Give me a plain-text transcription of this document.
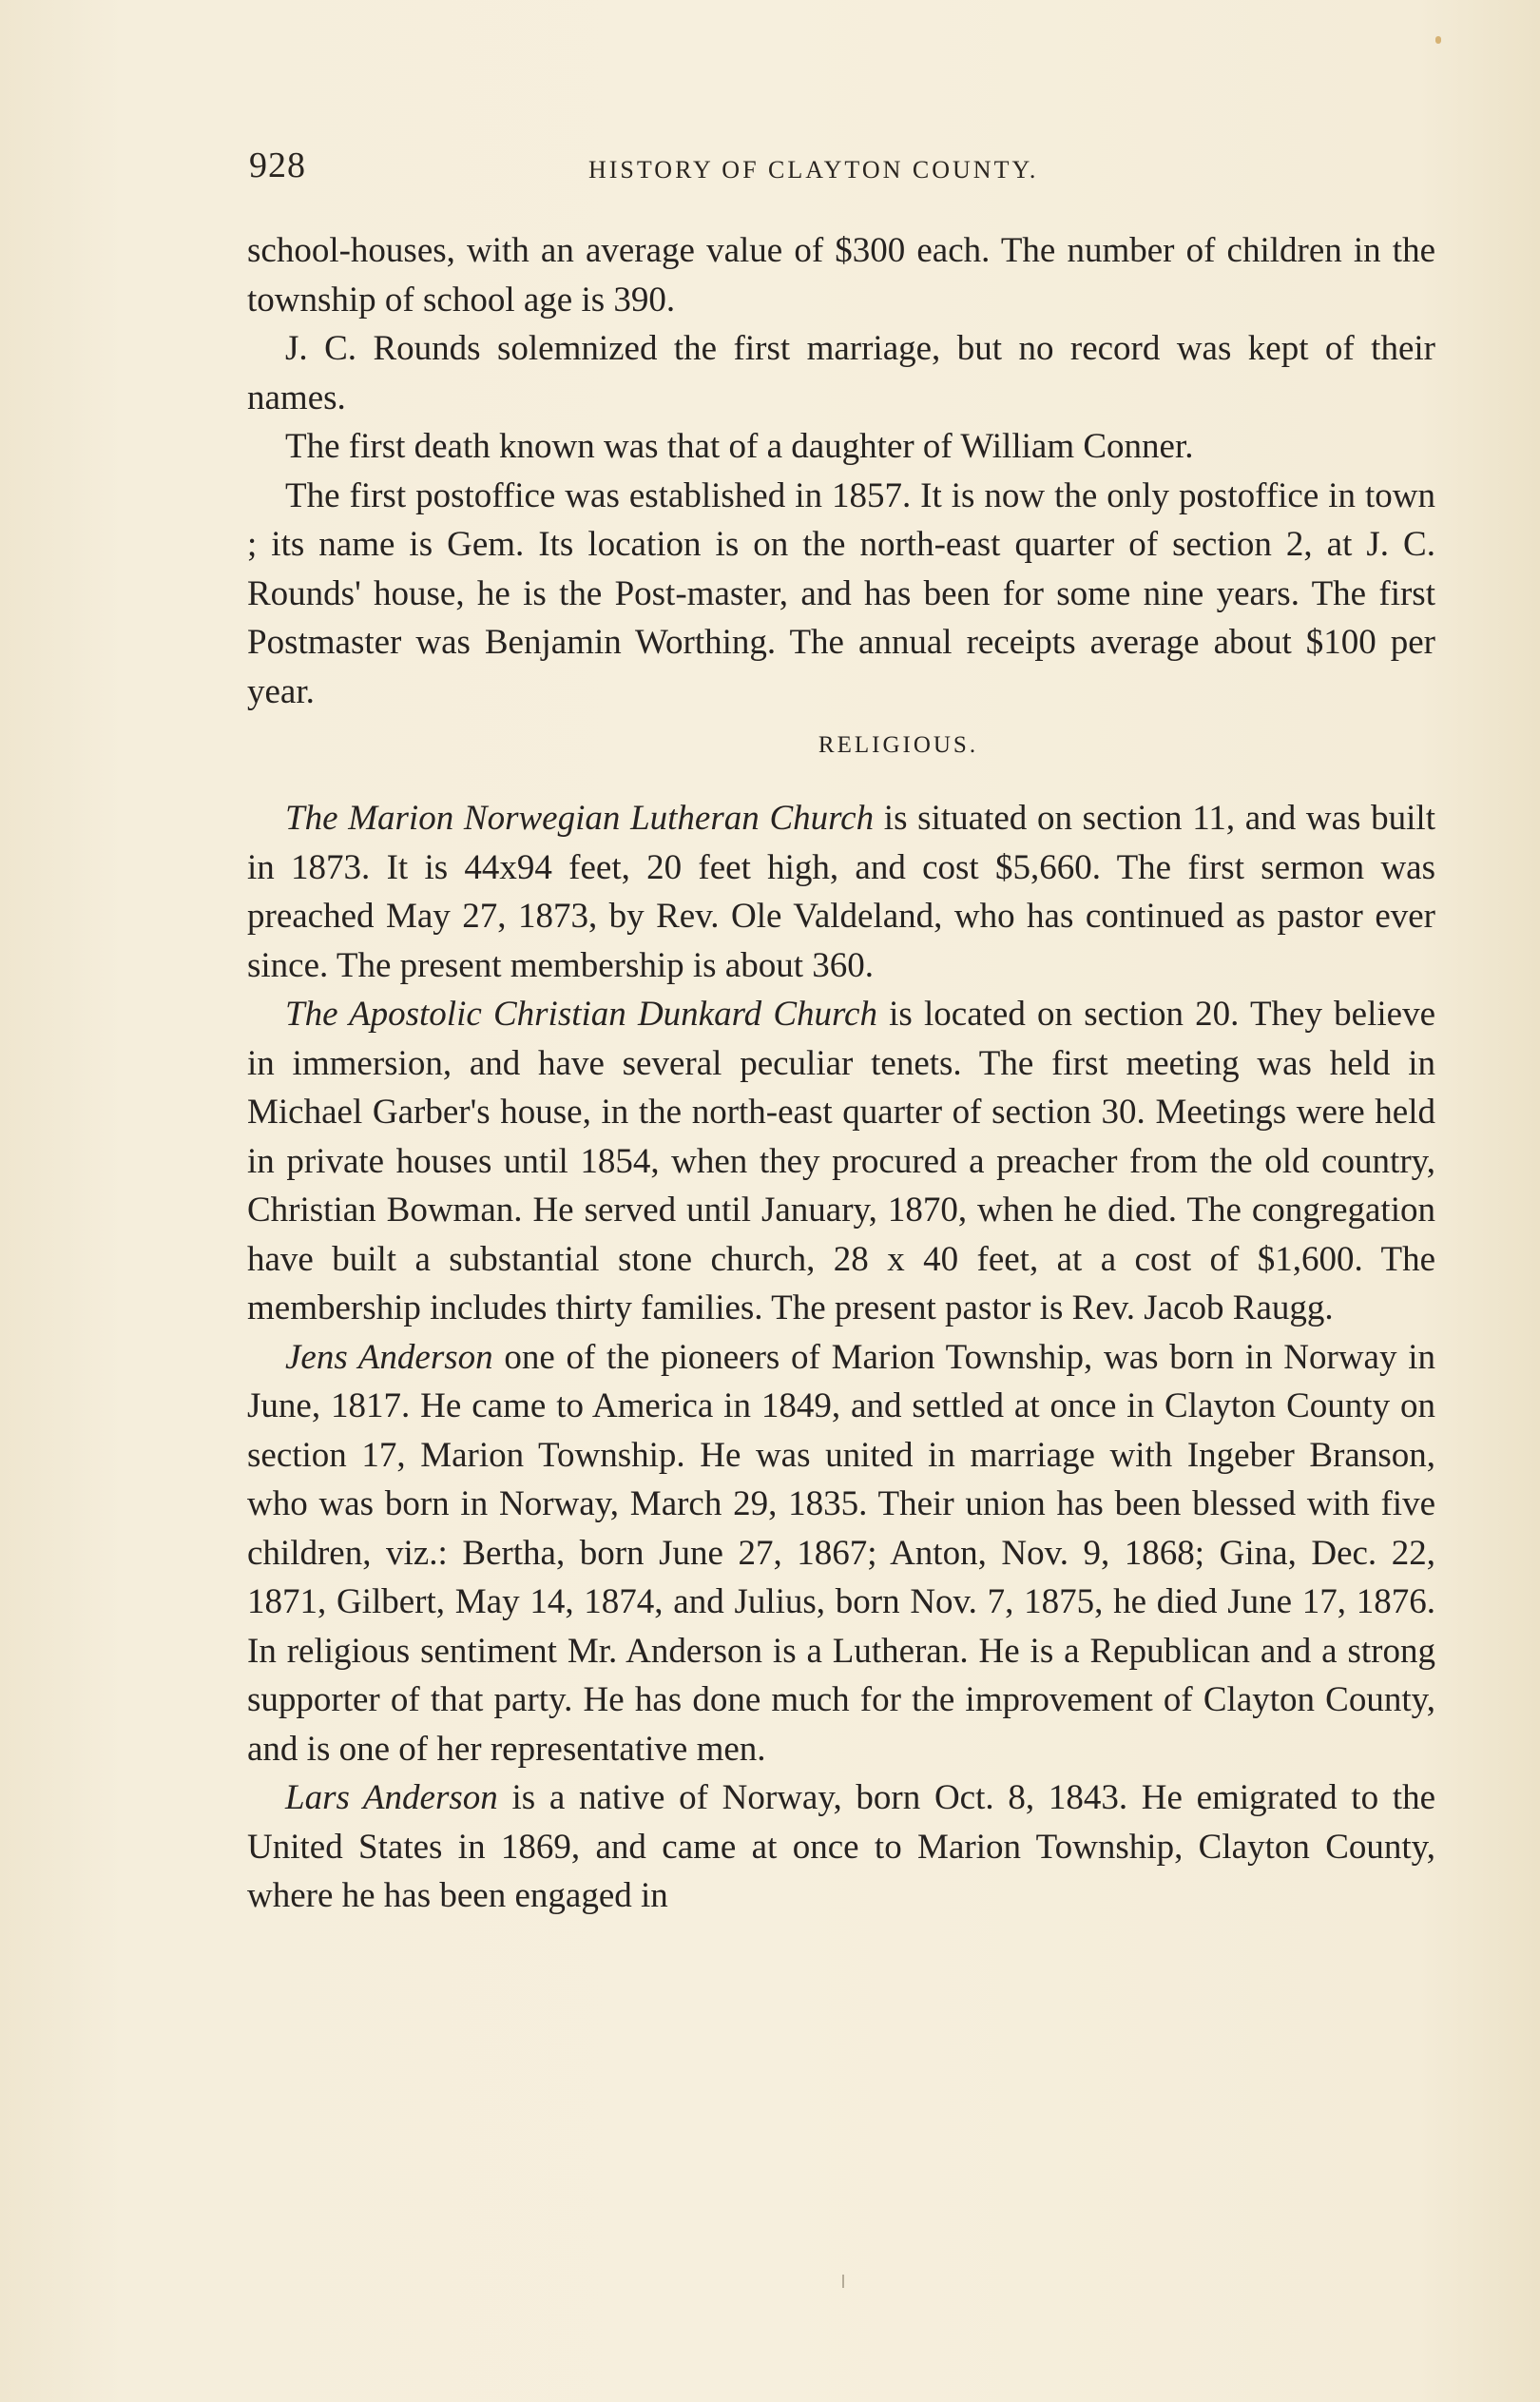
928	HISTORY OF CLAYTON COUNTY.

school-houses, with an average value of $300 each. The number of children in the township of school age is 390.

J. C. Rounds solemnized the first marriage, but no record was kept of their names.

The first death known was that of a daughter of William Conner.

The first postoffice was established in 1857. It is now the only postoffice in town ; its name is Gem. Its location is on the north-east quarter of section 2, at J. C. Rounds' house, he is the Post-master, and has been for some nine years. The first Postmaster was Benjamin Worthing. The annual receipts average about $100 per year.

RELIGIOUS.

The Marion Norwegian Lutheran Church is situated on section 11, and was built in 1873. It is 44x94 feet, 20 feet high, and cost $5,660. The first sermon was preached May 27, 1873, by Rev. Ole Valdeland, who has continued as pastor ever since. The present membership is about 360.

The Apostolic Christian Dunkard Church is located on section 20. They believe in immersion, and have several peculiar tenets. The first meeting was held in Michael Garber's house, in the north-east quarter of section 30. Meetings were held in private houses until 1854, when they procured a preacher from the old country, Christian Bowman. He served until January, 1870, when he died. The congregation have built a substantial stone church, 28 x 40 feet, at a cost of $1,600. The membership includes thirty families. The present pastor is Rev. Jacob Raugg.

Jens Anderson one of the pioneers of Marion Township, was born in Norway in June, 1817. He came to America in 1849, and settled at once in Clayton County on section 17, Marion Township. He was united in marriage with Ingeber Branson, who was born in Norway, March 29, 1835. Their union has been blessed with five children, viz.: Bertha, born June 27, 1867; Anton, Nov. 9, 1868; Gina, Dec. 22, 1871, Gilbert, May 14, 1874, and Julius, born Nov. 7, 1875, he died June 17, 1876. In religious sentiment Mr. Anderson is a Lutheran. He is a Republican and a strong supporter of that party. He has done much for the improvement of Clayton County, and is one of her representative men.

Lars Anderson is a native of Norway, born Oct. 8, 1843. He emigrated to the United States in 1869, and came at once to Marion Township, Clayton County, where he has been engaged in
